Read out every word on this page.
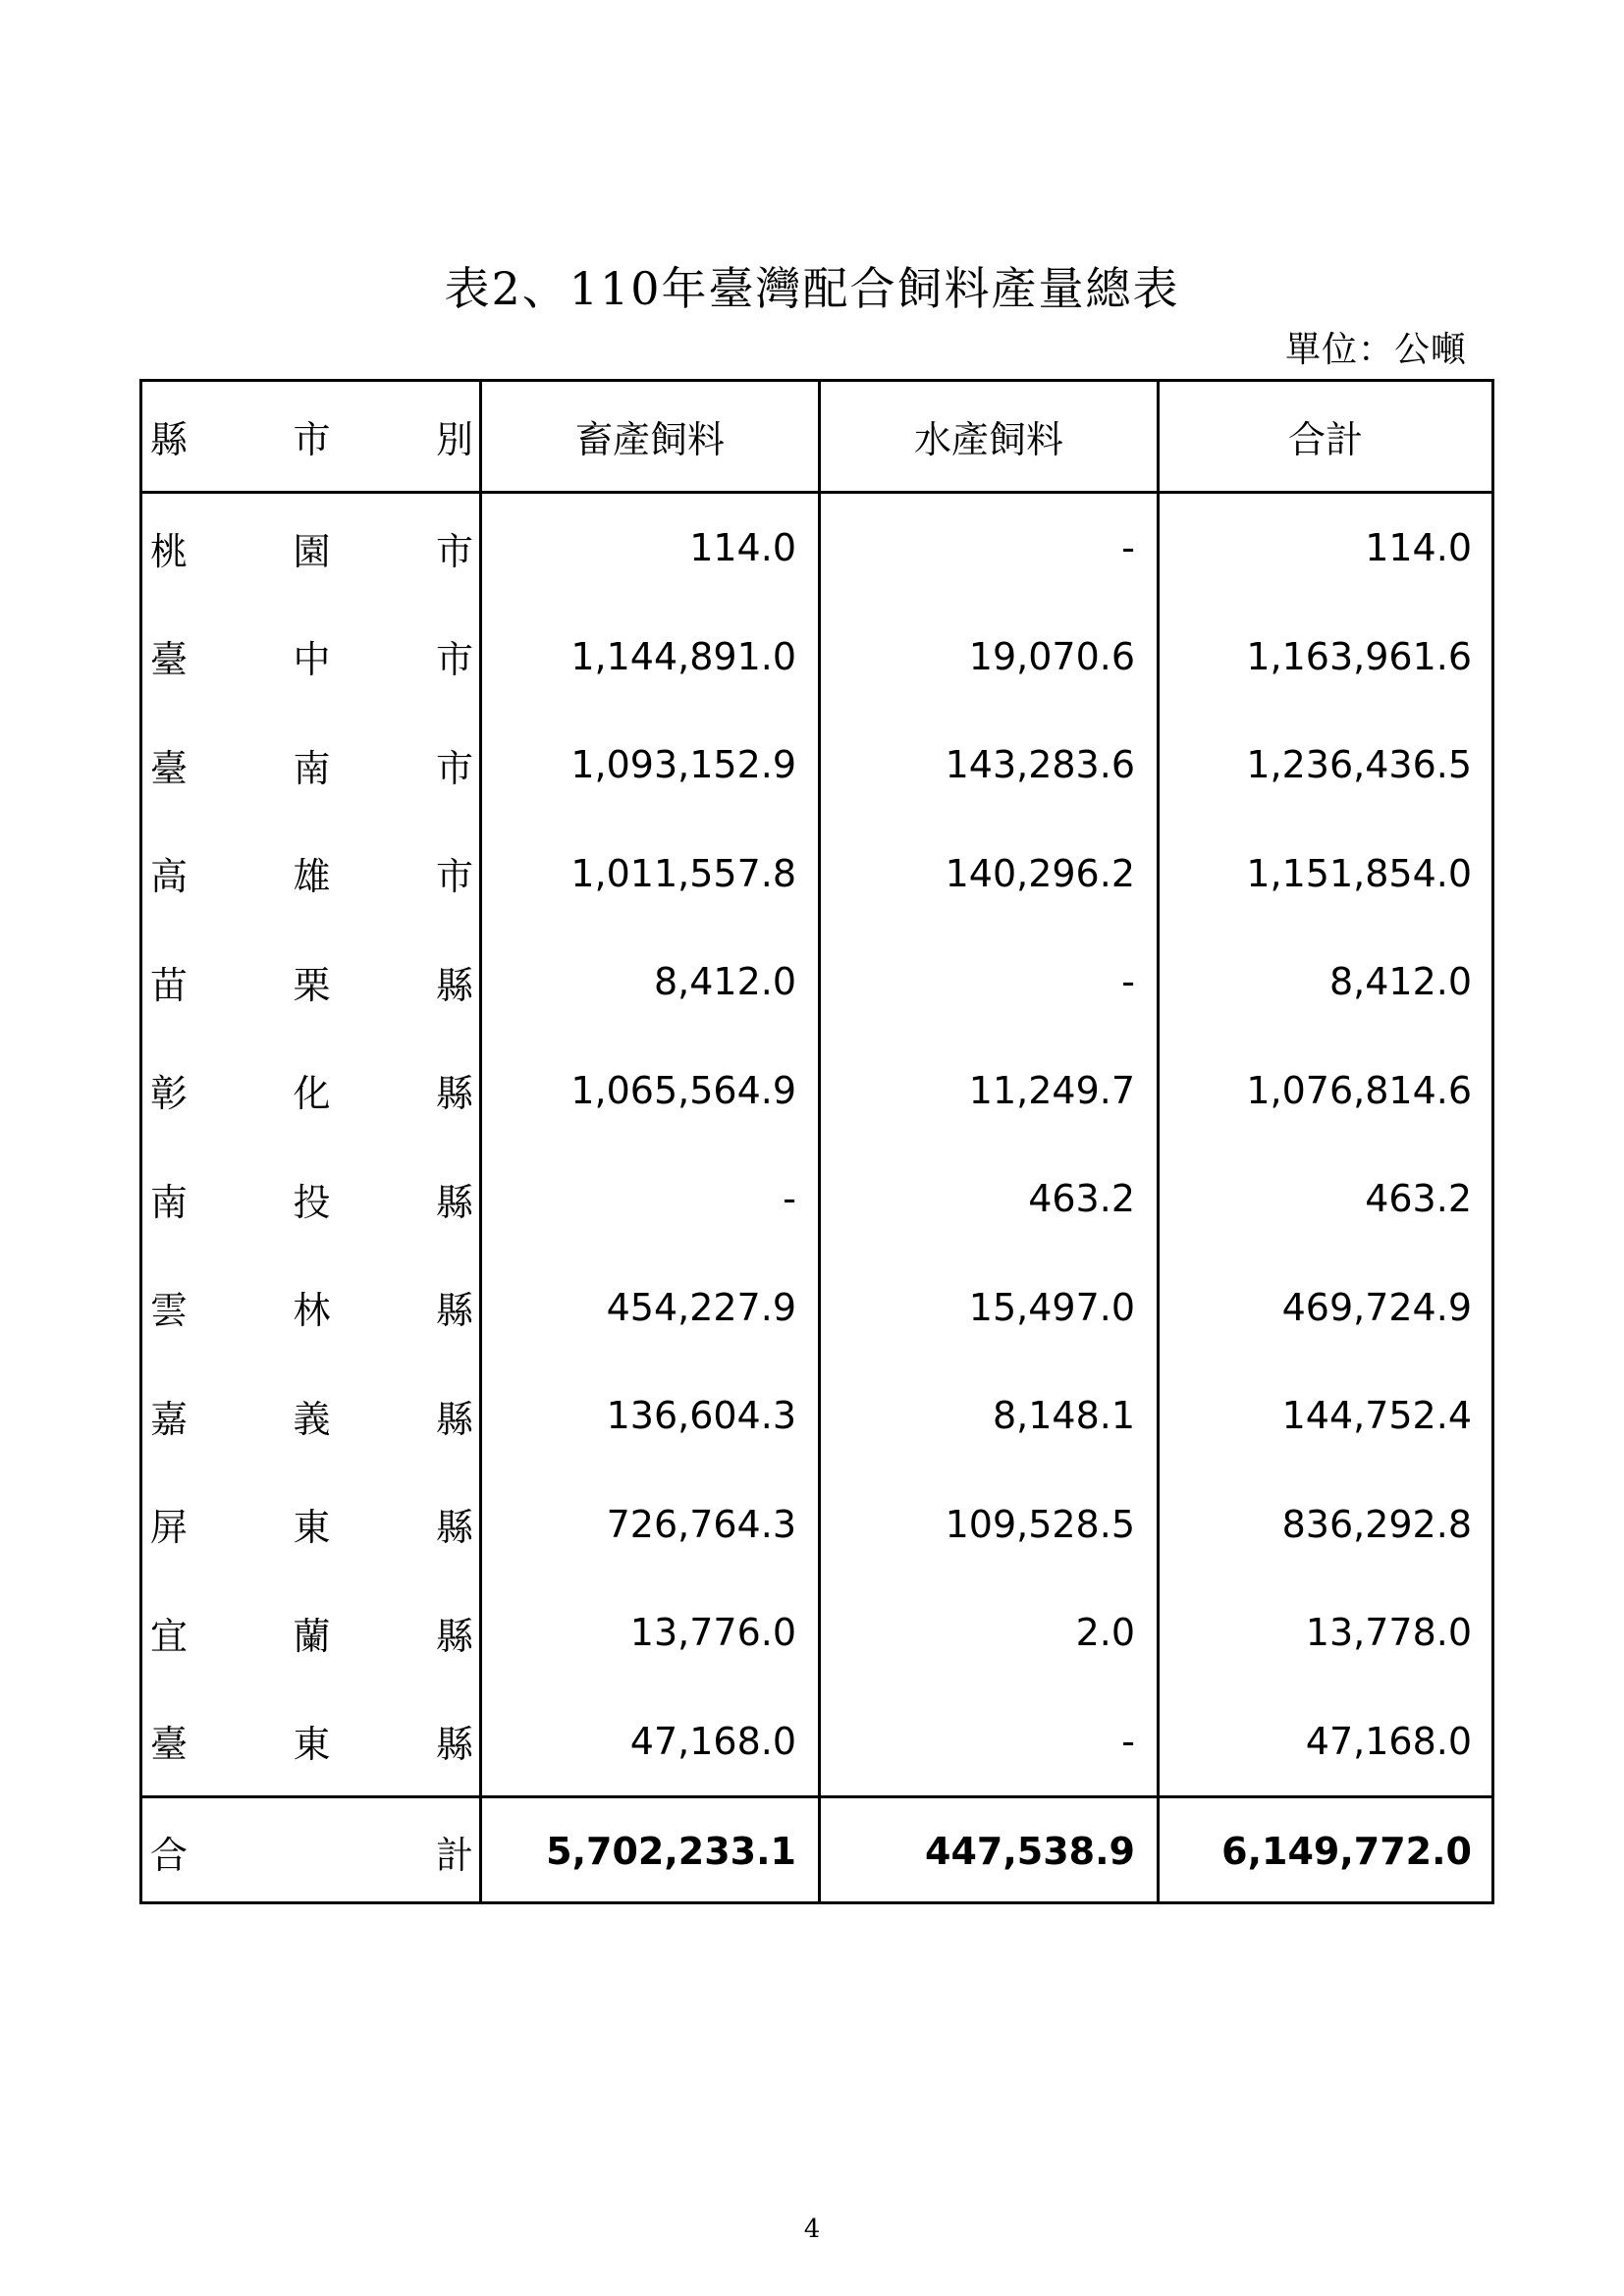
表2、110年臺灣配合飼料產量總表
單位：公噸
縣	市	別	畜產飼料	水產飼料	合計
桃	園	市	114.0	-	114.0
臺	中	市	1,144,891.0	19,070.6	1,163,961.6
臺	南	市	1,093,152.9	143,283.6	1,236,436.5
高	雄	市	1,011,557.8	140,296.2	1,151,854.0
苗	栗	縣	8,412.0	-	8,412.0
彰	化	縣	1,065,564.9	11,249.7	1,076,814.6
南	投	縣	-	463.2	463.2
雲	林	縣	454,227.9	15,497.0	469,724.9
嘉	義	縣	136,604.3	8,148.1	144,752.4
屏	東	縣	726,764.3	109,528.5	836,292.8
宜	蘭	縣	13,776.0	2.0	13,778.0
臺	東	縣	47,168.0	-	47,168.0
合	計	5,702,233.1	447,538.9	6,149,772.0
4
